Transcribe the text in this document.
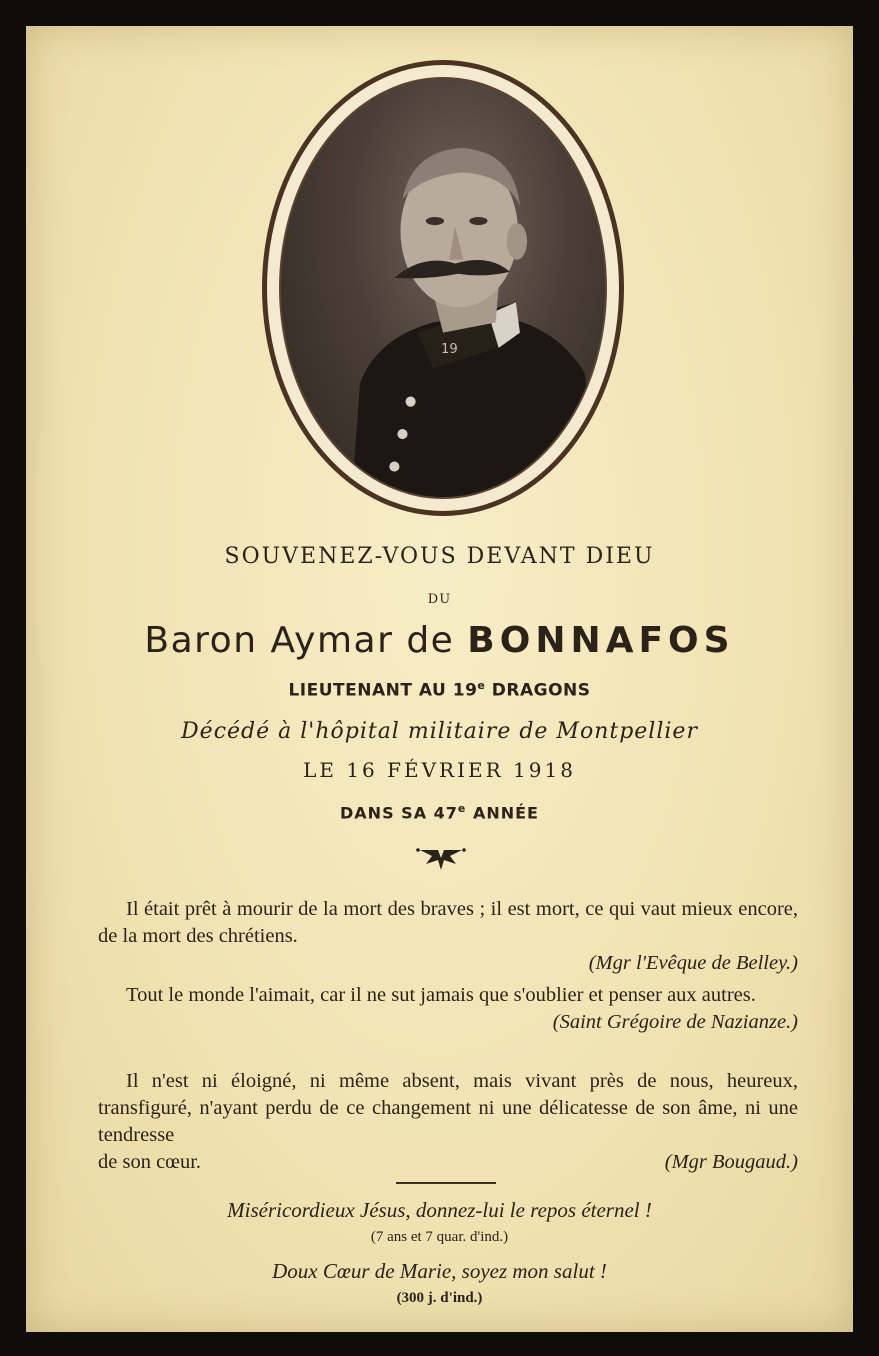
19
SOUVENEZ-VOUS DEVANT DIEU
DU
Baron Aymar de BONNAFOS
LIEUTENANT AU 19e DRAGONS
Décédé à l'hôpital militaire de Montpellier
LE 16 FÉVRIER 1918
DANS SA 47e ANNÉE
Il était prêt à mourir de la mort des braves ; il est mort, ce qui vaut mieux encore, de la mort des chrétiens.
(Mgr l'Evêque de Belley.)
Tout le monde l'aimait, car il ne sut jamais que s'oublier et penser aux autres.
(Saint Grégoire de Nazianze.)
Il n'est ni éloigné, ni même absent, mais vivant près de nous, heureux, transfiguré, n'ayant perdu de ce changement ni une délicatesse de son âme, ni une tendresse
de son cœur.	(Mgr Bougaud.)
Miséricordieux Jésus, donnez-lui le repos éternel !
(7 ans et 7 quar. d'ind.)
Doux Cœur de Marie, soyez mon salut !
(300 j. d'ind.)
